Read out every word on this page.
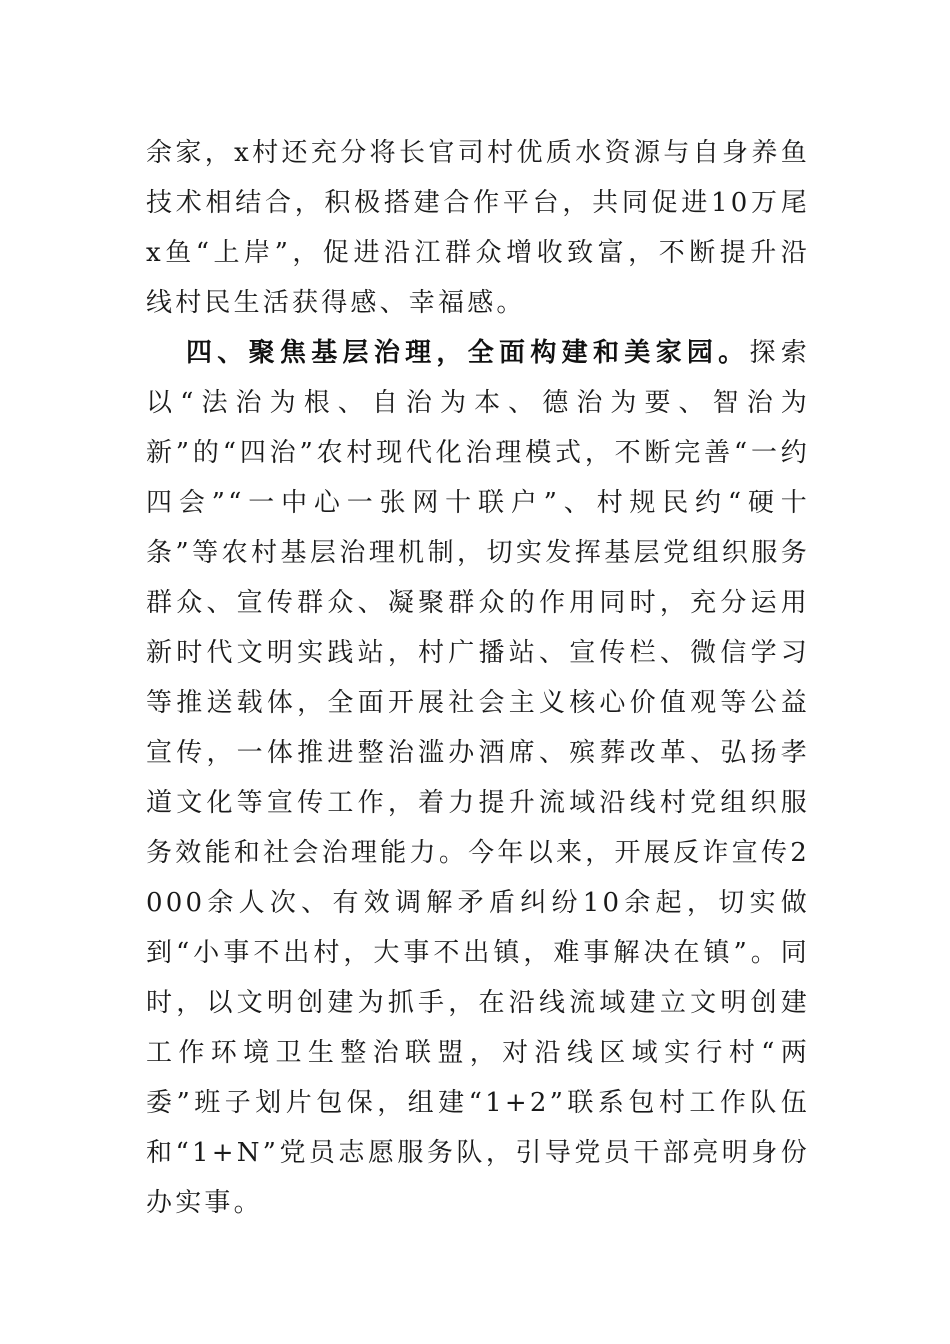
余家，x村还充分将长官司村优质水资源与自身养鱼技术相结合，积极搭建合作平台，共同促进10万尾x鱼“上岸”，促进沿江群众增收致富，不断提升沿线村民生活获得感、幸福感。

四、聚焦基层治理，全面构建和美家园。探索以“法治为根、自治为本、德治为要、智治为新”的“四治”农村现代化治理模式，不断完善“一约四会”“一中心一张网十联户”、村规民约“硬十条”等农村基层治理机制，切实发挥基层党组织服务群众、宣传群众、凝聚群众的作用同时，充分运用新时代文明实践站，村广播站、宣传栏、微信学习等推送载体，全面开展社会主义核心价值观等公益宣传，一体推进整治滥办酒席、殡葬改革、弘扬孝道文化等宣传工作，着力提升流域沿线村党组织服务效能和社会治理能力。今年以来，开展反诈宣传2000余人次、有效调解矛盾纠纷10余起，切实做到“小事不出村，大事不出镇，难事解决在镇”。同时，以文明创建为抓手，在沿线流域建立文明创建工作环境卫生整治联盟，对沿线区域实行村“两委”班子划片包保，组建“1+2”联系包村工作队伍和“1+N”党员志愿服务队，引导党员干部亮明身份办实事。
